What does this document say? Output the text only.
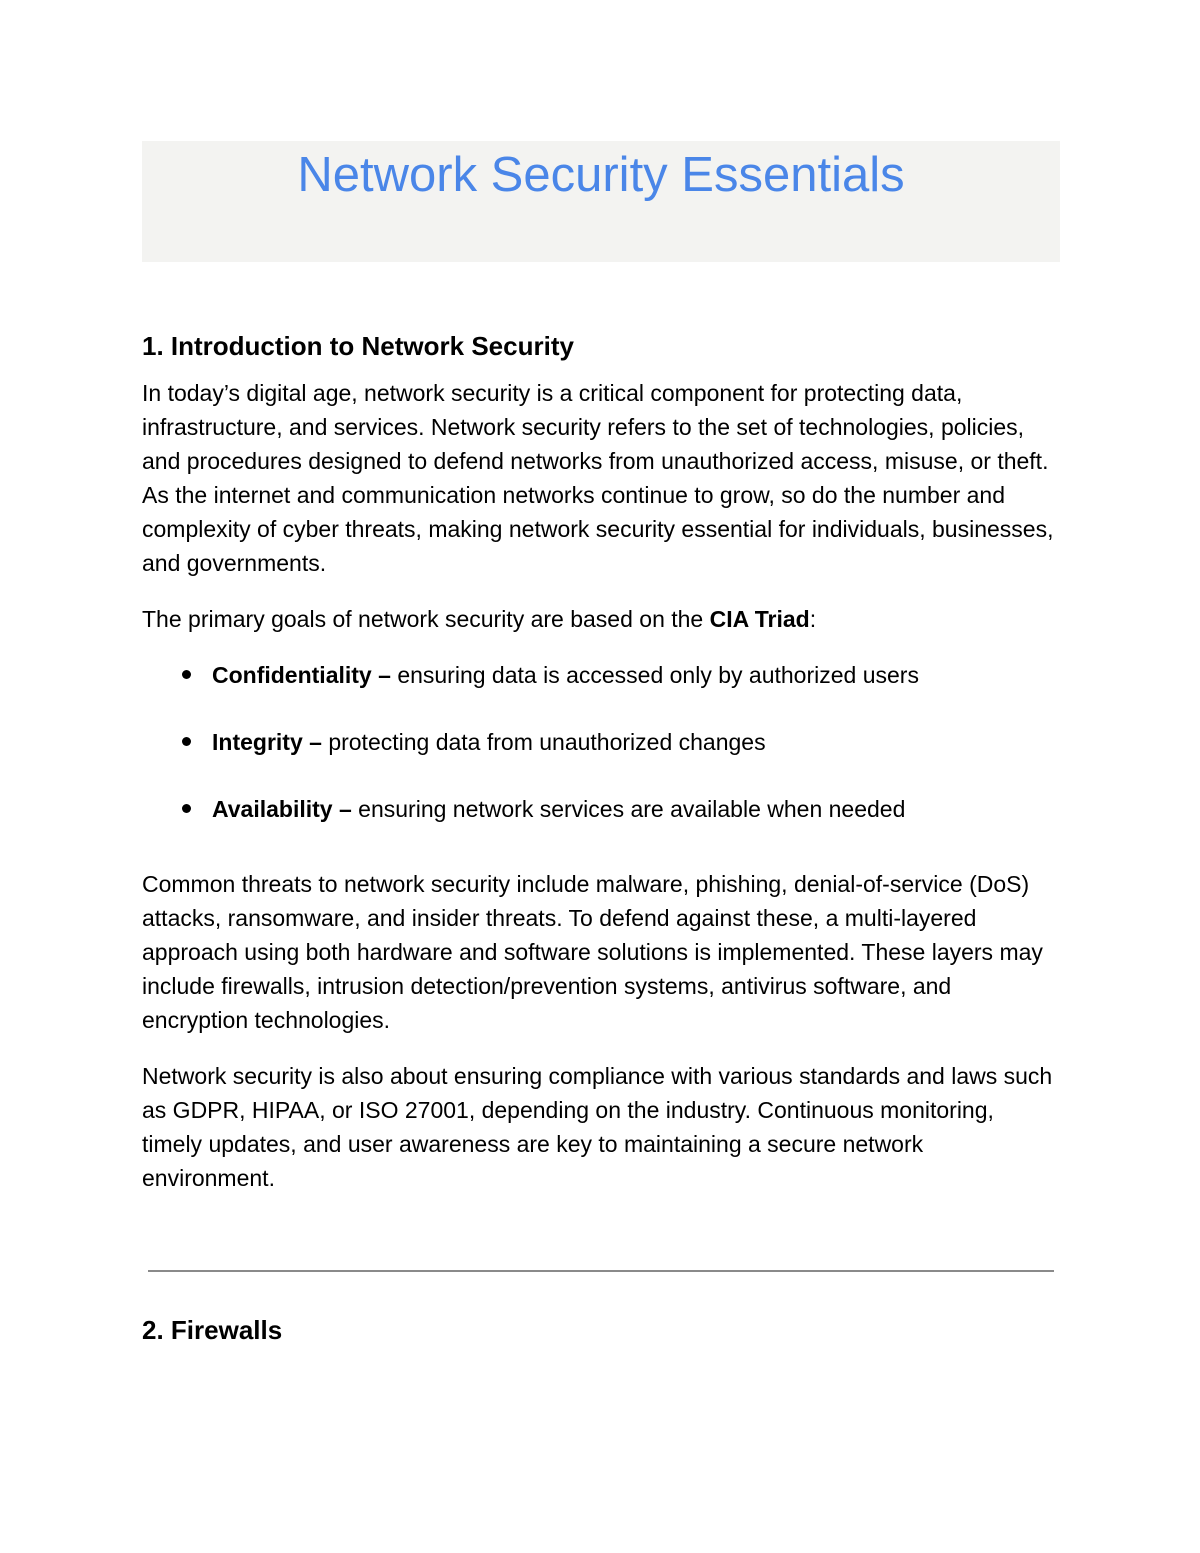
Network Security Essentials
1. Introduction to Network Security

In today’s digital age, network security is a critical component for protecting data, infrastructure, and services. Network security refers to the set of technologies, policies, and procedures designed to defend networks from unauthorized access, misuse, or theft. As the internet and communication networks continue to grow, so do the number and complexity of cyber threats, making network security essential for individuals, businesses, and governments.

The primary goals of network security are based on the CIA Triad:

Confidentiality – ensuring data is accessed only by authorized users
Integrity – protecting data from unauthorized changes
Availability – ensuring network services are available when needed

Common threats to network security include malware, phishing, denial-of-service (DoS) attacks, ransomware, and insider threats. To defend against these, a multi-layered approach using both hardware and software solutions is implemented. These layers may include firewalls, intrusion detection/prevention systems, antivirus software, and encryption technologies.

Network security is also about ensuring compliance with various standards and laws such as GDPR, HIPAA, or ISO 27001, depending on the industry. Continuous monitoring, timely updates, and user awareness are key to maintaining a secure network environment.

2. Firewalls
